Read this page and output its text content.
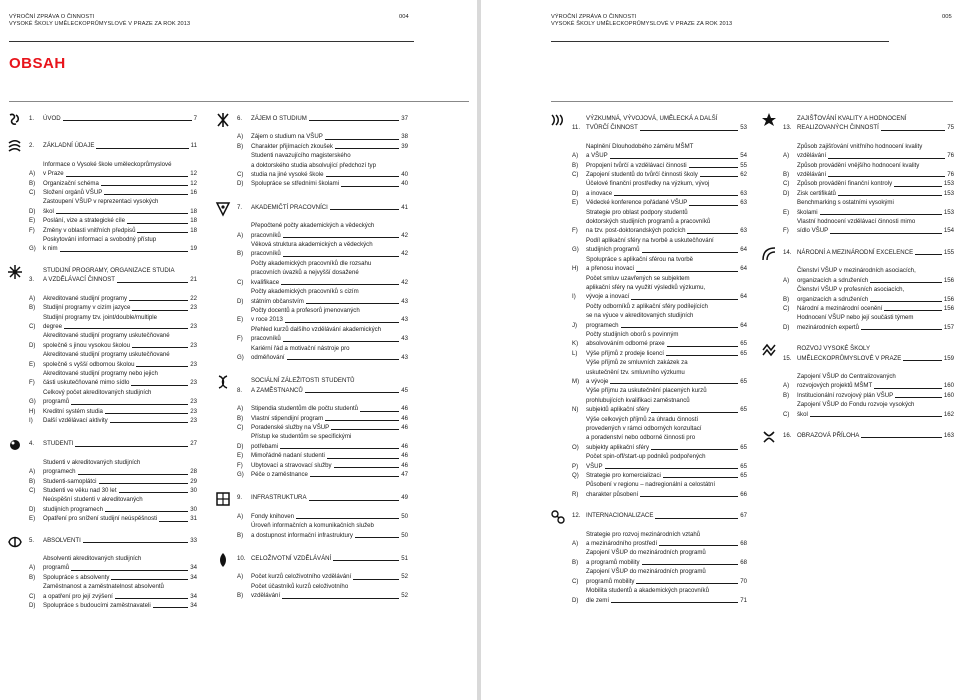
VÝROČNÍ ZPRÁVA O ČINNOSTI
VYSOKÉ ŠKOLY UMĚLECKOPRŮMYSLOVÉ V PRAZE ZA ROK 2013
004
OBSAH
1.	ÚVOD	7
2.	ZÁKLADNÍ ÚDAJE	11
A)
Informace o Vysoké škole uměleckoprůmyslové
v Praze	12
B)	Organizační schéma	12
C)	Složení orgánů VŠUP	16
D)
Zastoupení VŠUP v reprezentaci vysokých
škol	18
E)	Poslání, vize a strategické cíle	18
F)	Změny v oblasti vnitřních předpisů	18
G)
Poskytování informací a svobodný přístup
k nim	19
3.
STUDIJNÍ PROGRAMY, ORGANIZACE STUDIA
A VZDĚLÁVACÍ ČINNOST	21
A)	Akreditované studijní programy	22
B)	Studijní programy v cizím jazyce	23
C)
Studijní programy tzv. joint/double/multiple
degree	23
D)
Akreditované studijní programy uskutečňované
společně s jinou vysokou školou	23
E)
Akreditované studijní programy uskutečňované
společně s vyšší odbornou školou	23
F)
Akreditované studijní programy nebo jejich
části uskutečňované mimo sídlo	23
G)
Celkový počet akreditovaných studijních
programů	23
H)	Kreditní systém studia	23
I)	Další vzdělávací aktivity	23
4.	STUDENTI	27
A)
Studenti v akreditovaných studijních
programech	28
B)	Studenti-samoplátci	29
C)	Studenti ve věku nad 30 let	30
D)
Neúspěšní studenti v akreditovaných
studijních programech	30
E)	Opatření pro snížení studijní neúspěšnosti	31
5.	ABSOLVENTI	33
A)
Absolventi akreditovaných studijních
programů	34
B)	Spolupráce s absolventy	34
C)
Zaměstnanost a zaměstnatelnost absolventů
a opatření pro její zvýšení	34
D)	Spolupráce s budoucími zaměstnavateli	34
6.	ZÁJEM O STUDIUM	37
A)	Zájem o studium na VŠUP	38
B)	Charakter přijímacích zkoušek	39
C)
Studenti navazujícího magisterského
a doktorského studia absolvující předchozí typ
studia na jiné vysoké škole	40
D)	Spolupráce se středními školami	40
7.	AKADEMIČTÍ PRACOVNÍCI	41
A)
Přepočtené počty akademických a vědeckých
pracovníků	42
B)
Věková struktura akademických a vědeckých
pracovníků	42
C)
Počty akademických pracovníků dle rozsahu
pracovních úvazků a nejvyšší dosažené
kvalifikace	42
D)
Počty akademických pracovníků s cizím
státním občanstvím	43
E)
Počty docentů a profesorů jmenovaných
v roce 2013	43
F)
Přehled kurzů dalšího vzdělávání akademických
pracovníků	43
G)
Kariérní řád a motivační nástroje pro
odměňování	43
8.
SOCIÁLNÍ ZÁLEŽITOSTI STUDENTŮ
A ZAMĚSTNANCŮ	45
A)	Stipendia studentům dle počtu studentů	46
B)	Vlastní stipendijní program	46
C)	Poradenské služby na VŠUP	46
D)
Přístup ke studentům se specifickými
potřebami	46
E)	Mimořádně nadaní studenti	46
F)	Ubytovací a stravovací služby	46
G)	Péče o zaměstnance	47
9.	INFRASTRUKTURA	49
A)	Fondy knihoven	50
B)
Úroveň informačních a komunikačních služeb
a dostupnost informační infrastruktury	50
10. CELOŽIVOTNÍ VZDĚLÁVÁNÍ	51
A)	Počet kurzů celoživotního vzdělávání	52
B)
Počet účastníků kurzů celoživotního
vzdělávání	52
VÝROČNÍ ZPRÁVA O ČINNOSTI
VYSOKÉ ŠKOLY UMĚLECKOPRŮMYSLOVÉ V PRAZE ZA ROK 2013
005
11.
VÝZKUMNÁ, VÝVOJOVÁ, UMĚLECKÁ A DALŠÍ
TVŮRČÍ ČINNOST	53
A)
Naplnění Dlouhodobého záměru MŠMT
a VŠUP	54
B)	Propojení tvůrčí a vzdělávací činnosti	55
C)	Zapojení studentů do tvůrčí činnosti školy	62
D)
Účelové finanční prostředky na výzkum, vývoj
a inovace	63
E)	Vědecké konference pořádané VŠUP	63
F)
Strategie pro oblast podpory studentů
doktorských studijních programů a pracovníků
na tzv. post-doktorandských pozicích	63
G)
Podíl aplikační sféry na tvorbě a uskutečňování
studijních programů	64
H)
Spolupráce s aplikační sférou na tvorbě
a přenosu inovací	64
I)
Počet smluv uzavřených se subjektem
aplikační sféry na využití výsledků výzkumu,
vývoje a inovací	64
J)
Počty odborníků z aplikační sféry podílejících
se na výuce v akreditovaných studijních
programech	64
K)
Počty studijních oborů s povinným
absolvováním odborné praxe	65
L)	Výše příjmů z prodeje licencí	65
M)
Výše příjmů ze smluvních zakázek za
uskutečnění tzv. smluvního výzkumu
a vývoje	65
N)
Výše příjmu za uskutečnění placených kurzů
prohlubujících kvalifikaci zaměstnanců
subjektů aplikační sféry	65
O)
Výše celkových příjmů za úhradu činností
provedených v rámci odborných konzultací
a poradenství nebo odborné činnosti pro
subjekty aplikační sféry	65
P)
Počet spin-off/start-up podniků podpořených
VŠUP	65
Q)	Strategie pro komercializaci	65
R)
Působení v regionu – nadregionální a celostátní
charakter působení	66
12. INTERNACIONALIZACE	67
A)
Strategie pro rozvoj mezinárodních vztahů
a mezinárodního prostředí	68
B)
Zapojení VŠUP do mezinárodních programů
a programů mobility	68
C)
Zapojení VŠUP do mezinárodních programů
programů mobility	70
D)
Mobilita studentů a akademických pracovníků
dle zemí	71
13.
ZAJIŠŤOVÁNÍ KVALITY A HODNOCENÍ
REALIZOVANÝCH ČINNOSTÍ	75
A)
Způsob zajišťování vnitřního hodnocení kvality
vzdělávání	76
B)
Způsob provádění vnějšího hodnocení kvality
vzdělávání	76
C)	Způsob provádění finanční kontroly	153
D)	Zisk certifikátů	153
E)
Benchmarking s ostatními vysokými
školami	153
F)
Vlastní hodnocení vzdělávací činnosti mimo
sídlo VŠUP	154
14. NÁRODNÍ A MEZINÁRODNÍ EXCELENCE	155
A)
Členství VŠUP v mezinárodních asociacích,
organizacích a sdruženích	156
B)
Členství VŠUP v profesních asociacích,
organizacích a sdruženích	156
C)	Národní a mezinárodní ocenění	156
D)
Hodnocení VŠUP nebo její součásti týmem
mezinárodních expertů	157
15.
ROZVOJ VYSOKÉ ŠKOLY
UMĚLECKOPRŮMYSLOVÉ V PRAZE	159
A)
Zapojení VŠUP do Centralizovaných
rozvojových projektů MŠMT	160
B)	Institucionální rozvojový plán VŠUP	160
C)
Zapojení VŠUP do Fondu rozvoje vysokých
škol	162
16. OBRAZOVÁ PŘÍLOHA	163
